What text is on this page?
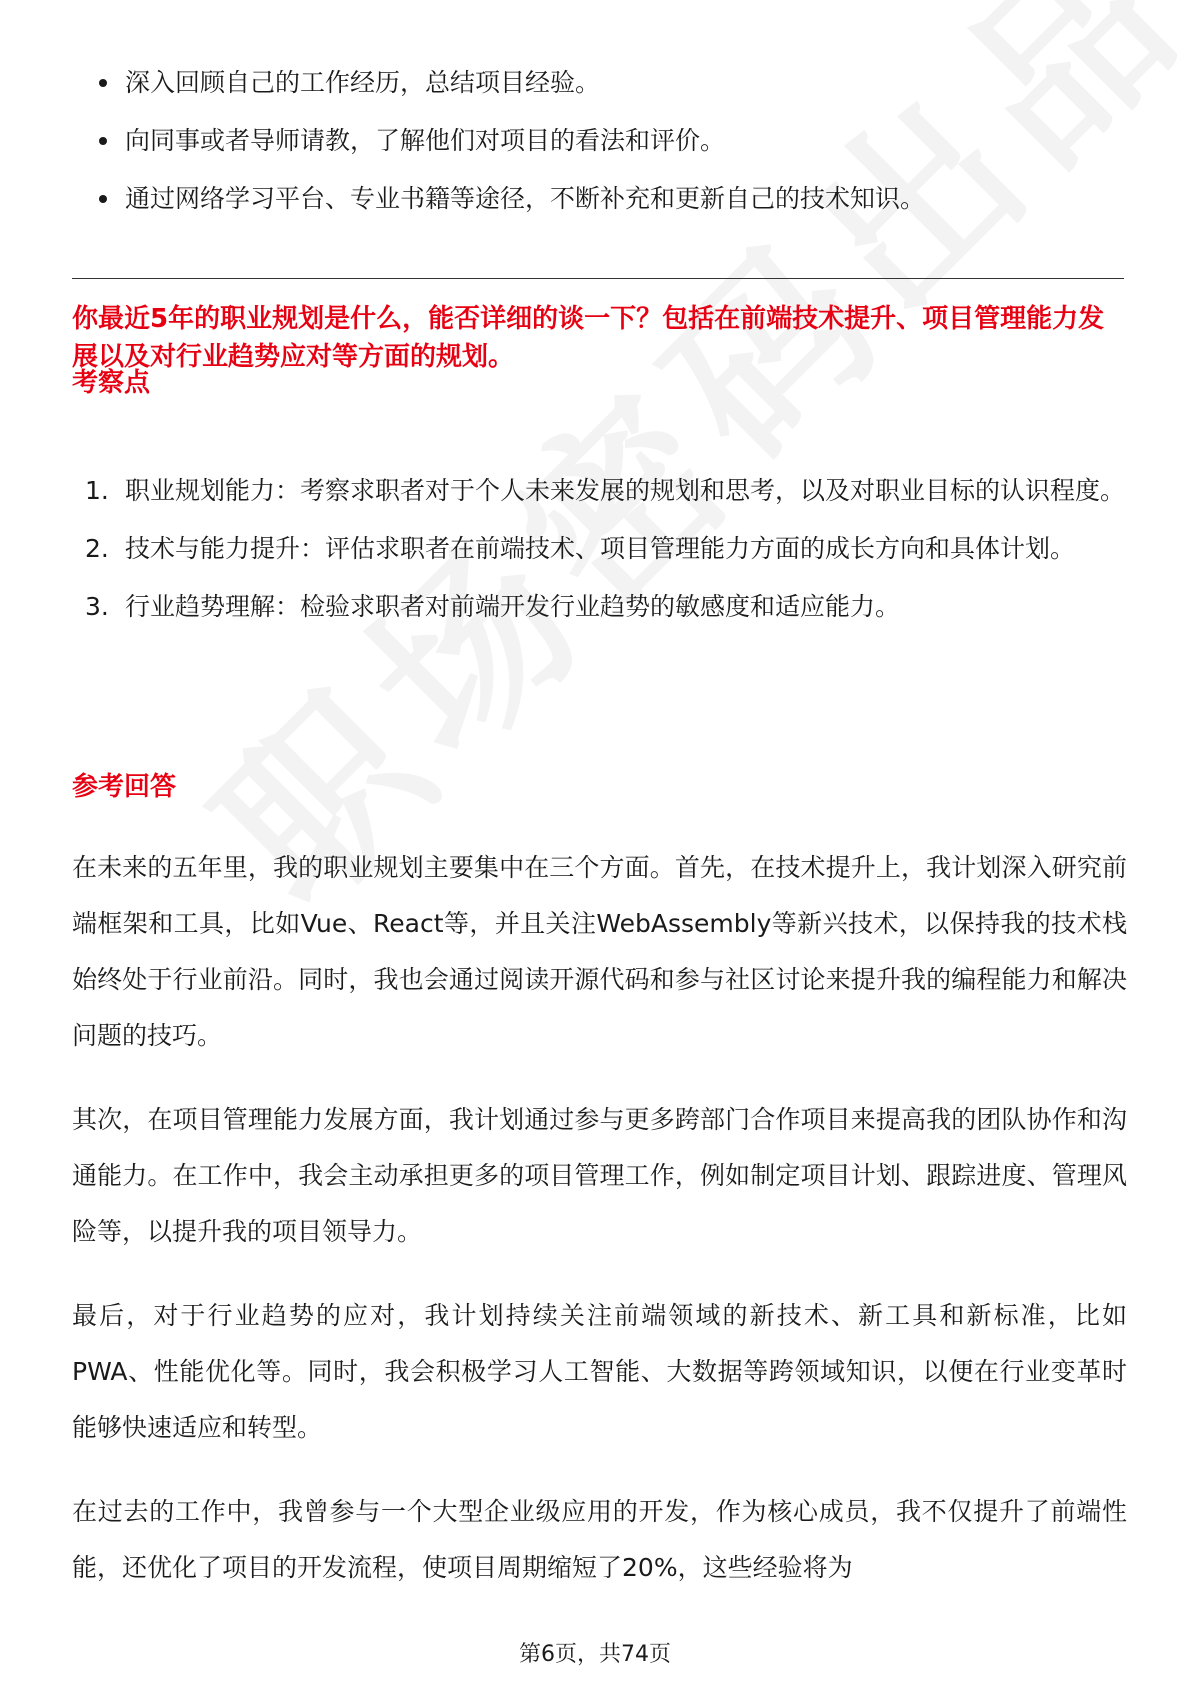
深入回顾自己的工作经历，总结项目经验。
向同事或者导师请教，了解他们对项目的看法和评价。
通过网络学习平台、专业书籍等途径，不断补充和更新自己的技术知识。
你最近5年的职业规划是什么，能否详细的谈一下？包括在前端技术提升、项目管理能力发展以及对行业趋势应对等方面的规划。
考察点
1. 职业规划能力：考察求职者对于个人未来发展的规划和思考，以及对职业目标的认识程度。
2. 技术与能力提升：评估求职者在前端技术、项目管理能力方面的成长方向和具体计划。
3. 行业趋势理解：检验求职者对前端开发行业趋势的敏感度和适应能力。
参考回答

在未来的五年里，我的职业规划主要集中在三个方面。首先，在技术提升上，我计划深入研究前端框架和工具，比如Vue、React等，并且关注WebAssembly等新兴技术，以保持我的技术栈始终处于行业前沿。同时，我也会通过阅读开源代码和参与社区讨论来提升我的编程能力和解决问题的技巧。

其次，在项目管理能力发展方面，我计划通过参与更多跨部门合作项目来提高我的团队协作和沟通能力。在工作中，我会主动承担更多的项目管理工作，例如制定项目计划、跟踪进度、管理风险等，以提升我的项目领导力。

最后，对于行业趋势的应对，我计划持续关注前端领域的新技术、新工具和新标准，比如PWA、性能优化等。同时，我会积极学习人工智能、大数据等跨领域知识，以便在行业变革时能够快速适应和转型。

在过去的工作中，我曾参与一个大型企业级应用的开发，作为核心成员，我不仅提升了前端性能，还优化了项目的开发流程，使项目周期缩短了20%，这些经验将为

第6页，共74页
